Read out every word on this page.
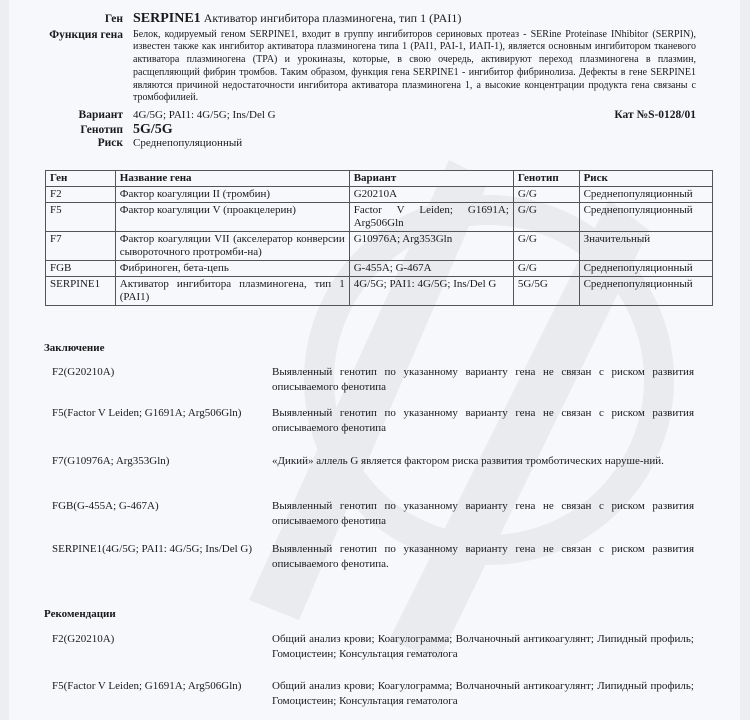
Ген SERPINE1 Активатор ингибитора плазминогена, тип 1 (PAI1)
Функция гена	Белок, кодируемый геном SERPINE1, входит в группу ингибиторов сериновых протеаз - SERine Proteinase INhibitor (SERPIN), известен также как ингибитор активатора плазминогена типа 1 (PAI1, PAI-1, ИАП-1), является основным ингибитором тканевого активатора плазминогена (TPA) и урокиназы, которые, в свою очередь, активируют переход плазминогена в плазмин, расщепляющий фибрин тромбов. Таким образом, функция гена SERPINE1 - ингибитор фибринолиза. Дефекты в гене SERPINE1 являются причиной недостаточности ингибитора активатора плазминогена 1, а высокие концентрации продукта гена связаны с тромбофилией.
Вариант 4G/5G; PAI1: 4G/5G; Ins/Del G	Кат №S-0128/01
Генотип 5G/5G
Риск Среднепопуляционный
Ген	Название гена	Вариант	Генотип	Риск
F2	Фактор коагуляции II (тромбин)	G20210A	G/G	Среднепопуляционный
F5	Фактор коагуляции V (проакцелерин)	Factor V Leiden; G1691A; Arg506Gln	G/G	Среднепопуляционный
F7	Фактор коагуляции VII (акселератор конверсии сывороточного протромби-на)	G10976A; Arg353Gln	G/G	Значительный
FGB	Фибриноген, бета-цепь	G-455A; G-467A	G/G	Среднепопуляционный
SERPINE1	Активатор ингибитора плазминогена, тип 1 (PAI1)	4G/5G; PAI1: 4G/5G; Ins/Del G	5G/5G	Среднепопуляционный
Заключение
F2(G20210A)	Выявленный генотип по указанному варианту гена не связан с риском развития описываемого фенотипа
F5(Factor V Leiden; G1691A; Arg506Gln)	Выявленный генотип по указанному варианту гена не связан с риском развития описываемого фенотипа
F7(G10976A; Arg353Gln)	«Дикий» аллель G является фактором риска развития тромботических наруше-ний.
FGB(G-455A; G-467A)	Выявленный генотип по указанному варианту гена не связан с риском развития описываемого фенотипа
SERPINE1(4G/5G; PAI1: 4G/5G; Ins/Del G)	Выявленный генотип по указанному варианту гена не связан с риском развития описываемого фенотипа.
Рекомендации
F2(G20210A)	Общий анализ крови; Коагулограмма; Волчаночный антикоагулянт; Липидный профиль; Гомоцистеин; Консультация гематолога
F5(Factor V Leiden; G1691A; Arg506Gln)	Общий анализ крови; Коагулограмма; Волчаночный антикоагулянт; Липидный профиль; Гомоцистеин; Консультация гематолога
